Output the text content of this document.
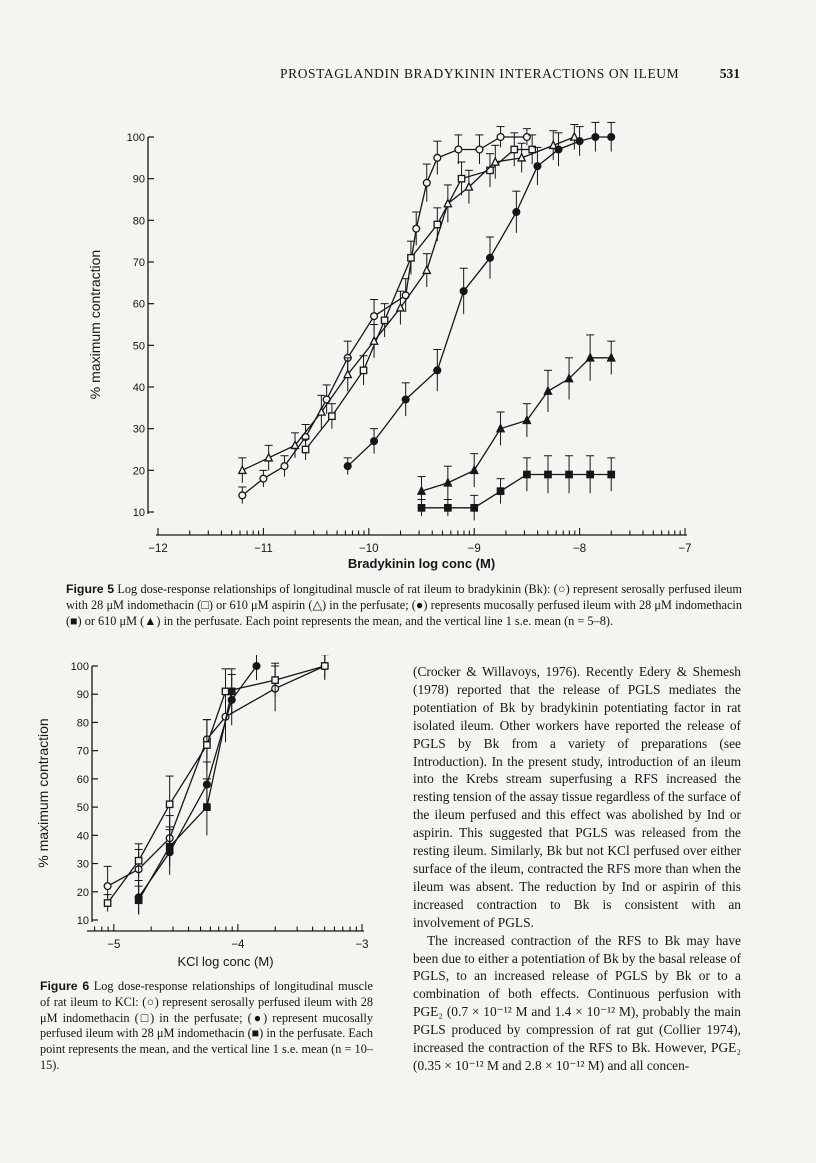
PROSTAGLANDIN BRADYKININ INTERACTIONS ON ILEUM	531
10
20
30
40
50
60
70
80
90
100
−12	−11	−10	−9	−8	−7
Bradykinin log conc (M)
% maximum contraction
Figure 5 Log dose-response relationships of longitudinal muscle of rat ileum to bradykinin (Bk): (○) represent serosally perfused ileum with 28 μM indomethacin (□) or 610 μM aspirin (△) in the perfusate; (●) represents mucosally perfused ileum with 28 μM indomethacin (■) or 610 μM (▲) in the perfusate. Each point represents the mean, and the vertical line 1 s.e. mean (n = 5–8).
10
20
30
40
50
60
70
80
90
100
−5	−4	−3
KCl log conc (M)
% maximum contraction
Figure 6 Log dose-response relationships of longitudinal muscle of rat ileum to KCl: (○) represent serosally perfused ileum with 28 μM indomethacin (□) in the perfusate; (●) represent mucosally perfused ileum with 28 μM indomethacin (■) in the perfusate. Each point represents the mean, and the vertical line 1 s.e. mean (n = 10–15).

(Crocker & Willavoys, 1976). Recently Edery & Shemesh (1978) reported that the release of PGLS mediates the potentiation of Bk by bradykinin potentiating factor in rat isolated ileum. Other workers have reported the release of PGLS by Bk from a variety of preparations (see Introduction). In the present study, introduction of an ileum into the Krebs stream superfusing a RFS increased the resting tension of the assay tissue regardless of the surface of the ileum perfused and this effect was abolished by Ind or aspirin. This suggested that PGLS was released from the resting ileum. Similarly, Bk but not KCl perfused over either surface of the ileum, contracted the RFS more than when the ileum was absent. The reduction by Ind or aspirin of this increased contraction to Bk is consistent with an involvement of PGLS.

The increased contraction of the RFS to Bk may have been due to either a potentiation of Bk by the basal release of PGLS, to an increased release of PGLS by Bk or to a combination of both effects. Continuous perfusion with PGE₂ (0.7 × 10⁻¹² M and 1.4 × 10⁻¹² M), probably the main PGLS produced by compression of rat gut (Collier 1974), increased the contraction of the RFS to Bk. However, PGE₂ (0.35 × 10⁻¹² M and 2.8 × 10⁻¹² M) and all concen-
